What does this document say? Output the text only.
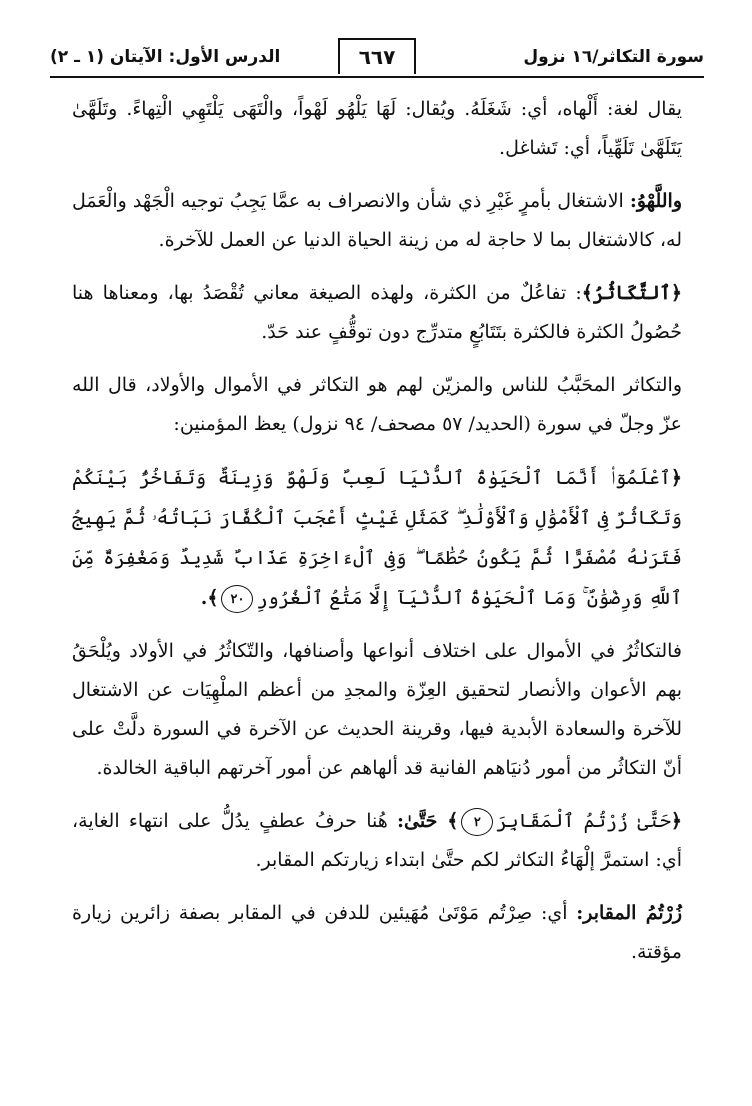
سورة التكاثر/١٦ نزول
٦٦٧
الدرس الأول: الآيتان (١ ـ ٢)

يقال لغة: أَلْهاه، أي: شَغَلَهُ. ويُقال: لَهَا يَلْهُو لَهْواً، والْتَهَى يَلْتَهِي الْتِهاءً. وتَلَهَّىٰ يَتَلَهَّىٰ تَلَهِّياً، أي: تَشاغل.

واللَّهْوُ: الاشتغال بأمرٍ غَيْرِ ذي شأن والانصراف به عمَّا يَجِبُ توجيه الْجَهْد والْعَمَل له، كالاشتغال بما لا حاجة له من زينة الحياة الدنيا عن العمل للآخرة.

﴿ٱلتَّكَاثُرُ﴾: تفاعُلٌ من الكثرة، ولهذه الصيغة معاني تُقْصَدُ بها، ومعناها هنا حُصُولُ الكثرة فالكثرة بتَتَابُعٍ متدرِّج دون توقُّفٍ عند حَدّ.

والتكاثر المحَبَّبُ للناس والمزيّن لهم هو التكاثر في الأموال والأولاد، قال الله عزّ وجلّ في سورة (الحديد/ ٥٧ مصحف/ ٩٤ نزول) يعظ المؤمنين:

﴿ٱعْلَمُوٓا۟ أَنَّمَا ٱلْحَيَوٰةُ ٱلدُّنْيَا لَعِبٌ وَلَهْوٌ وَزِينَةٌ وَتَفَاخُرٌۢ بَيْنَكُمْ وَتَكَاثُرٌ فِى ٱلْأَمْوَٰلِ وَٱلْأَوْلَٰدِ ۖ كَمَثَلِ غَيْثٍ أَعْجَبَ ٱلْكُفَّارَ نَبَاتُهُۥ ثُمَّ يَهِيجُ فَتَرَىٰهُ مُصْفَرًّا ثُمَّ يَكُونُ حُطَٰمًا ۖ وَفِى ٱلْءَاخِرَةِ عَذَابٌ شَدِيدٌ وَمَغْفِرَةٌ مِّنَ ٱللَّهِ وَرِضْوَٰنٌ ۚ وَمَا ٱلْحَيَوٰةُ ٱلدُّنْيَآ إِلَّا مَتَٰعُ ٱلْغُرُورِ٢٠﴾.

فالتكاثُرُ في الأموال على اختلاف أنواعها وأصنافها، والتّكاثُرُ في الأولاد ويُلْحَقُ بهم الأعوان والأنصار لتحقيق العِزّة والمجدِ من أعظم الملْهِيَات عن الاشتغال للآخرة والسعادة الأبدية فيها، وقرينة الحديث عن الآخرة في السورة دلَّتْ على أنّ التكاثُر من أمور دُنيَاهم الفانية قد ألهاهم عن أمور آخرتهم الباقية الخالدة.

﴿حَتَّىٰ زُرْتُمُ ٱلْمَقَابِرَ٢﴾ حَتَّىٰ: هُنا حرفُ عطفٍ يدُلُّ على انتهاء الغاية، أي: استمرَّ إلْهَاءُ التكاثر لكم حتَّىٰ ابتداء زيارتكم المقابر.

زُرْتُمُ المقابر: أي: صِرْتُم مَوْتَىٰ مُهَيئين للدفن في المقابر بصفة زائرين زيارة مؤقتة.
